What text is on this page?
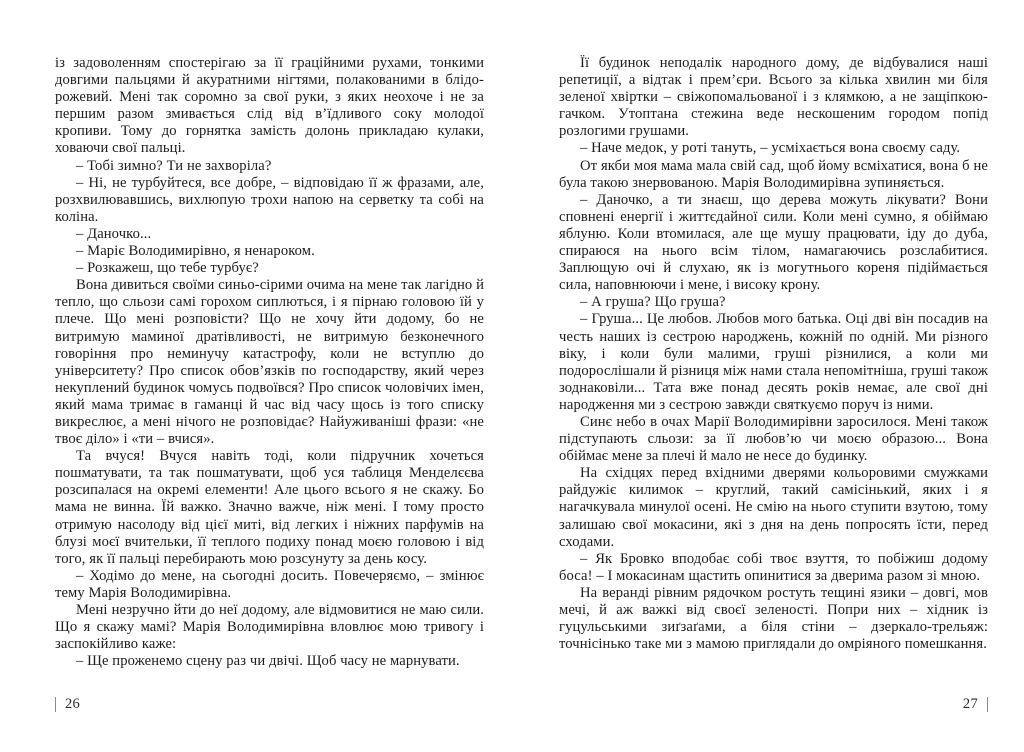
із задоволенням спостерігаю за її граційними рухами, тонкими довгими пальцями й акуратними нігтями, полакованими в блідо-рожевий. Мені так соромно за свої руки, з яких неохоче і не за першим разом змивається слід від в’їдливого соку молодої кропиви. Тому до горнятка замість долонь прикладаю кулаки, ховаючи свої пальці.

– Тобі зимно? Ти не захворіла?

– Ні, не турбуйтеся, все добре, – відповідаю її ж фразами, але, розхвилювавшись, вихлюпую трохи напою на серветку та собі на коліна.

– Даночко...

– Маріє Володимирівно, я ненароком.

– Розкажеш, що тебе турбує?

Вона дивиться своїми синьо-сірими очима на мене так лагідно й тепло, що сльози самі горохом сиплються, і я пірнаю головою їй у плече. Що мені розповісти? Що не хочу йти додому, бо не витримую маминої дратівливості, не витримую безконечного говоріння про неминучу катастрофу, коли не вступлю до університету? Про список обов’язків по господарству, який через некуплений будинок чомусь подвоївся? Про список чоловічих імен, який мама тримає в гаманці й час від часу щось із того списку викреслює, а мені нічого не розповідає? Найуживаніші фрази: «не твоє діло» і «ти – вчися».

Та вчуся! Вчуся навіть тоді, коли підручник хочеться пошматувати, та так пошматувати, щоб уся таблиця Менделєєва розсипалася на окремі елементи! Але цього всього я не скажу. Бо мама не винна. Їй важко. Значно важче, ніж мені. І тому просто отримую насолоду від цієї миті, від легких і ніжних парфумів на блузі моєї вчительки, її теплого подиху понад моєю головою і від того, як її пальці перебирають мою розсунуту за день косу.

– Ходімо до мене, на сьогодні досить. Повечеряємо, – змінює тему Марія Володимирівна.

Мені незручно йти до неї додому, але відмовитися не маю сили. Що я скажу мамі? Марія Володимирівна вловлює мою тривогу і заспокійливо каже:

– Ще проженемо сцену раз чи двічі. Щоб часу не марнувати.

Її будинок неподалік народного дому, де відбувалися наші репетиції, а відтак і прем’єри. Всього за кілька хвилин ми біля зеленої хвіртки – свіжопомальованої і з клямкою, а не защіпкою-гачком. Утоптана стежина веде нескошеним городом попід розлогими грушами.

– Наче медок, у роті тануть, – усміхається вона своєму саду.

От якби моя мама мала свій сад, щоб йому всміхатися, вона б не була такою знервованою. Марія Володимирівна зупиняється.

– Даночко, а ти знаєш, що дерева можуть лікувати? Вони сповнені енергії і життєдайної сили. Коли мені сумно, я обіймаю яблуню. Коли втомилася, але ще мушу працювати, іду до дуба, спираюся на нього всім тілом, намагаючись розслабитися. Заплющую очі й слухаю, як із могутнього кореня підіймається сила, наповнюючи і мене, і високу крону.

– А груша? Що груша?

– Груша... Це любов. Любов мого батька. Оці дві він посадив на честь наших із сестрою народжень, кожній по одній. Ми різного віку, і коли були малими, груші різнилися, а коли ми подорослішали й різниця між нами стала непомітніша, груші також зоднаковіли... Тата вже понад десять років немає, але свої дні народження ми з сестрою завжди святкуємо поруч із ними.

Синє небо в очах Марії Володимирівни заросилося. Мені також підступають сльози: за її любов’ю чи моєю образою... Вона обіймає мене за плечі й мало не несе до будинку.

На східцях перед вхідними дверями кольоровими смужками райдужіє килимок – круглий, такий самісінький, яких і я нагачкувала минулої осені. Не смію на нього ступити взутою, тому залишаю свої мокасини, які з дня на день попросять їсти, перед сходами.

– Як Бровко вподобає собі твоє взуття, то побіжиш додому боса! – І мокасинам щастить опинитися за дверима разом зі мною.

На веранді рівним рядочком ростуть тещині язики – довгі, мов мечі, й аж важкі від своєї зеленості. Попри них – хідник із гуцульськими зиґзаґами, а біля стіни – дзеркало-трельяж: точнісінько таке ми з мамою приглядали до омріяного помешкання.

26	27
